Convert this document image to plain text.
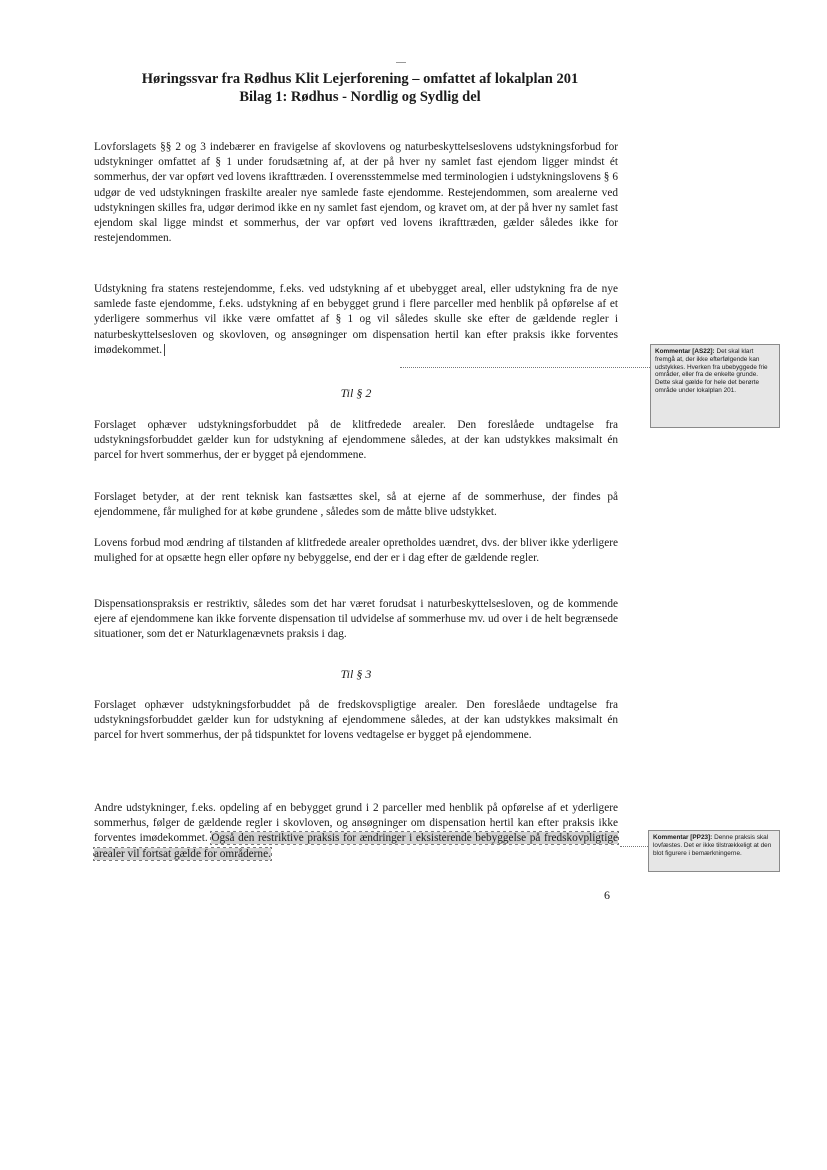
Høringssvar fra Rødhus Klit Lejerforening – omfattet af lokalplan 201
Bilag 1: Rødhus - Nordlig og Sydlig del

Lovforslagets §§ 2 og 3 indebærer en fravigelse af skovlovens og naturbeskyttelseslovens udstykningsforbud for udstykninger omfattet af § 1 under forudsætning af, at der på hver ny samlet fast ejendom ligger mindst ét sommerhus, der var opført ved lovens ikrafttræden. I overensstemmelse med terminologien i udstykningslovens § 6 udgør de ved udstykningen fraskilte arealer nye samlede faste ejendomme. Restejendommen, som arealerne ved udstykningen skilles fra, udgør derimod ikke en ny samlet fast ejendom, og kravet om, at der på hver ny samlet fast ejendom skal ligge mindst et sommerhus, der var opført ved lovens ikrafttræden, gælder således ikke for restejendommen.

Udstykning fra statens restejendomme, f.eks. ved udstykning af et ubebygget areal, eller udstykning fra de nye samlede faste ejendomme, f.eks. udstykning af en bebygget grund i flere parceller med henblik på opførelse af et yderligere sommerhus vil ikke være omfattet af § 1 og vil således skulle ske efter de gældende regler i naturbeskyttelsesloven og skovloven, og ansøgninger om dispensation hertil kan efter praksis ikke forventes imødekommet.	Kommentar [AS22]: Det skal klart fremgå at, der ikke efterfølgende kan udstykkes. Hverken fra ubebyggede frie områder, eller fra de enkelte grunde. Dette skal gælde for hele det berørte område under lokalplan 201.

Til § 2

Forslaget ophæver udstykningsforbuddet på de klitfredede arealer. Den foreslåede undtagelse fra udstykningsforbuddet gælder kun for udstykning af ejendommene således, at der kan udstykkes maksimalt én parcel for hvert sommerhus, der er bygget på ejendommene.

Forslaget betyder, at der rent teknisk kan fastsættes skel, så at ejerne af de sommerhuse, der findes på ejendommene, får mulighed for at købe grundene , således som de måtte blive udstykket.

Lovens forbud mod ændring af tilstanden af klitfredede arealer opretholdes uændret, dvs. der bliver ikke yderligere mulighed for at opsætte hegn eller opføre ny bebyggelse, end der er i dag efter de gældende regler.

Dispensationspraksis er restriktiv, således som det har været forudsat i naturbeskyttelsesloven, og de kommende ejere af ejendommene kan ikke forvente dispensation til udvidelse af sommerhuse mv. ud over i de helt begrænsede situationer, som det er Naturklagenævnets praksis i dag.

Til § 3

Forslaget ophæver udstykningsforbuddet på de fredskovspligtige arealer. Den foreslåede undtagelse fra udstykningsforbuddet gælder kun for udstykning af ejendommene således, at der kan udstykkes maksimalt én parcel for hvert sommerhus, der på tidspunktet for lovens vedtagelse er bygget på ejendommene.

Andre udstykninger, f.eks. opdeling af en bebygget grund i 2 parceller med henblik på opførelse af et yderligere sommerhus, følger de gældende regler i skovloven, og ansøgninger om dispensation hertil kan efter praksis ikke forventes imødekommet. Også den restriktive praksis for ændringer i eksisterende bebyggelse på fredskovpligtige arealer vil fortsat gælde for områderne.

Kommentar [PP23]: Denne praksis skal lovfæstes. Det er ikke tilstrækkeligt at den blot figurere i bemærkningerne.
6
